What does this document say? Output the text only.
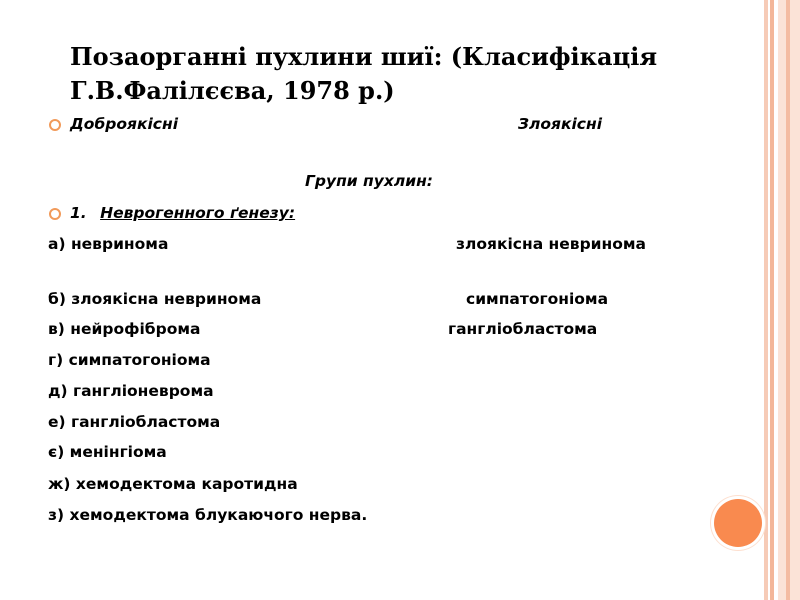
Позаорганні пухлини шиї: (Класифікація Г.В.Фалілєєва, 1978 р.)
Доброякісні	Злоякісні
Групи пухлин:
1. Неврогенного ґенезу:
а) невринома
б) злоякісна невринома
в) нейрофіброма
г) симпатогоніома
д) гангліоневрома
е) гангліобластома
є) менінгіома
ж) хемодектома каротидна
з) хемодектома блукаючого нерва.
злоякісна невринома
симпатогоніома
гангліобластома
